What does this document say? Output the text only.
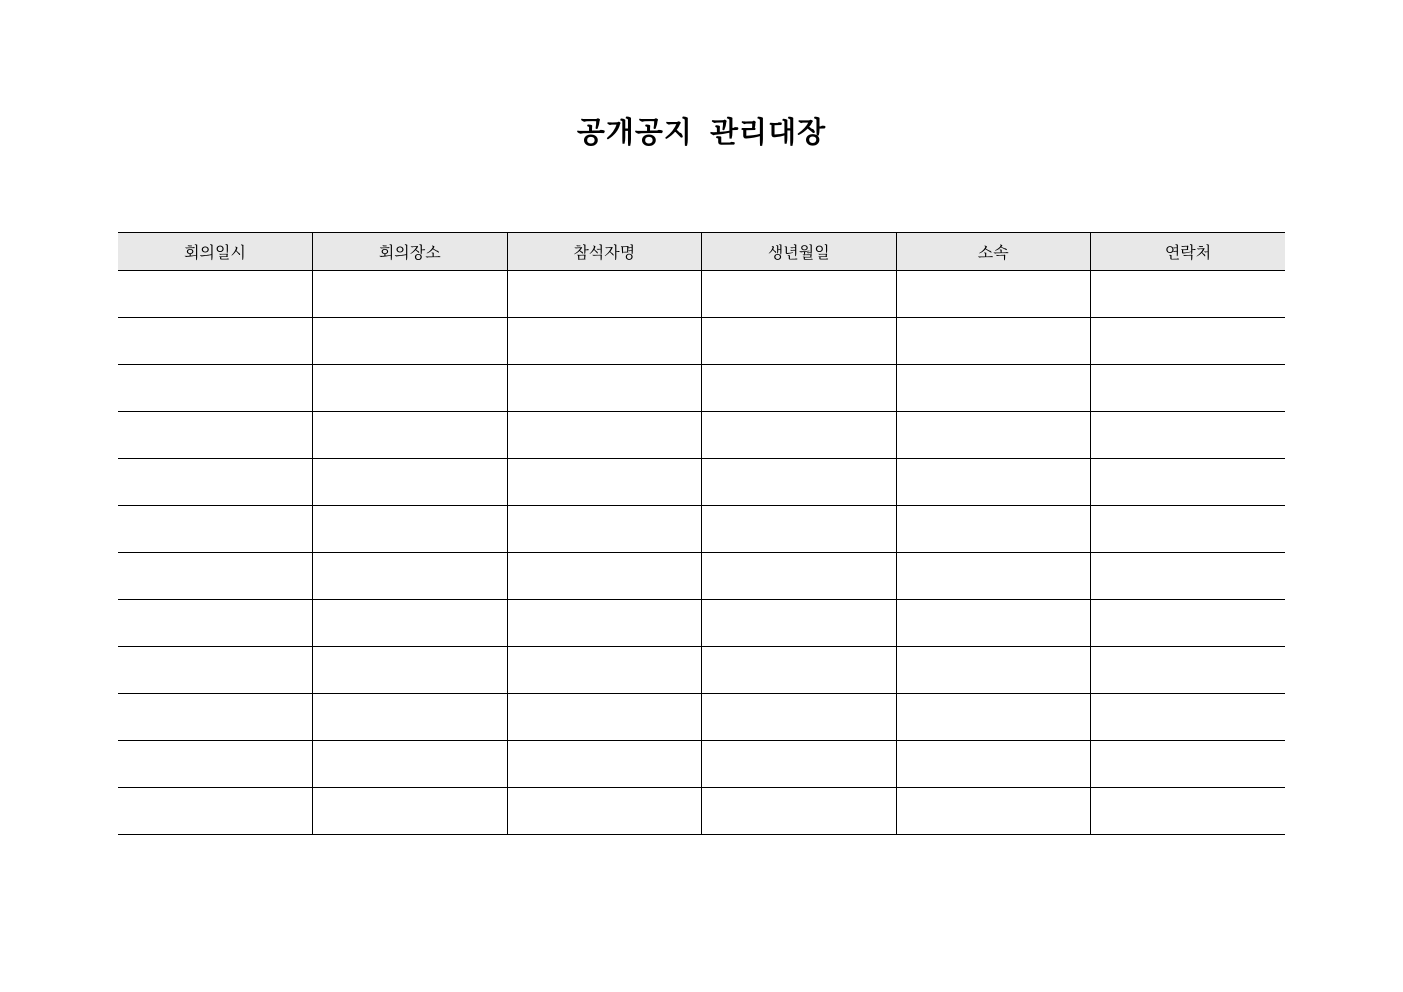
공개공지 관리대장
회의일시	회의장소	참석자명	생년월일	소속	연락처
